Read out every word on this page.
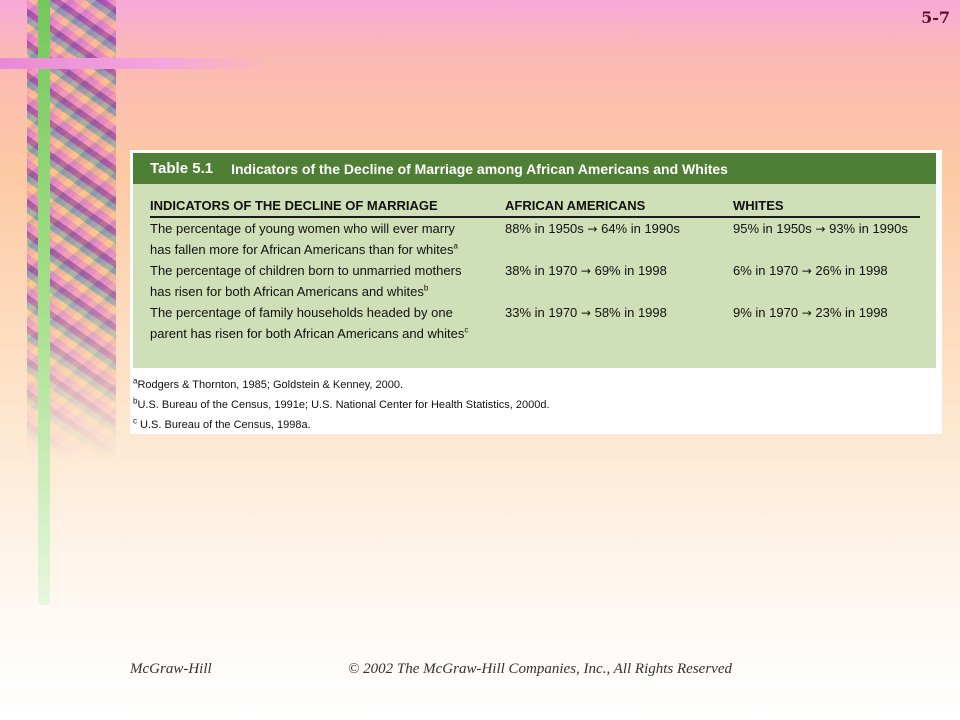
5-7
Table 5.1 Indicators of the Decline of Marriage among African Americans and Whites
INDICATORS OF THE DECLINE OF MARRIAGE	AFRICAN AMERICANS	WHITES
The percentage of young women who will ever marry
has fallen more for African Americans than for whites$^a$
88% in 1950s → 64% in 1990s	95% in 1950s → 93% in 1990s
The percentage of children born to unmarried mothers
has risen for both African Americans and whites$^b$
38% in 1970 → 69% in 1998	6% in 1970 → 26% in 1998
The percentage of family households headed by one
parent has risen for both African Americans and whites$^c$
33% in 1970 → 58% in 1998	9% in 1970 → 23% in 1998
$^a$Rodgers & Thornton, 1985; Goldstein & Kenney, 2000.
$^b$U.S. Bureau of the Census, 1991e; U.S. National Center for Health Statistics, 2000d.
$^c$ U.S. Bureau of the Census, 1998a.
McGraw-Hill	© 2002 The McGraw-Hill Companies, Inc., All Rights Reserved
